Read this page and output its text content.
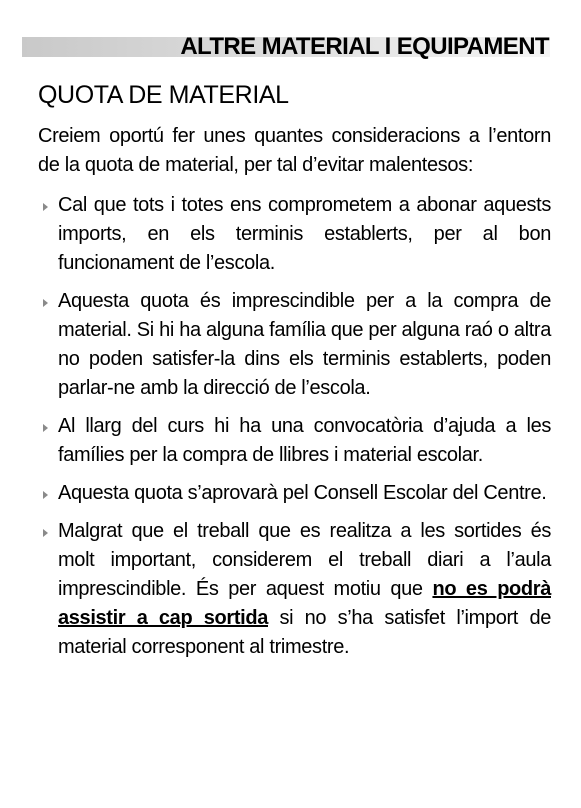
ALTRE MATERIAL I EQUIPAMENT
QUOTA DE MATERIAL

Creiem oportú fer unes quantes consideracions a l’entorn de la quota de material, per tal d’evitar malentesos:

Cal que tots i totes ens comprometem a abonar aquests imports, en els terminis establerts, per al bon funcionament de l’escola.
Aquesta quota és imprescindible per a la compra de material. Si hi ha alguna família que per alguna raó o altra no poden satisfer-la dins els terminis establerts, poden parlar-ne amb la direcció de l’escola.
Al llarg del curs hi ha una convocatòria d’ajuda a les famílies per la compra de llibres i material escolar.
Aquesta quota s’aprovarà pel Consell Escolar del Centre.
Malgrat que el treball que es realitza a les sortides és molt important, considerem el treball diari a l’aula imprescindible. És per aquest motiu que no es podrà assistir a cap sortida si no s’ha satisfet l’import de material corresponent al trimestre.
